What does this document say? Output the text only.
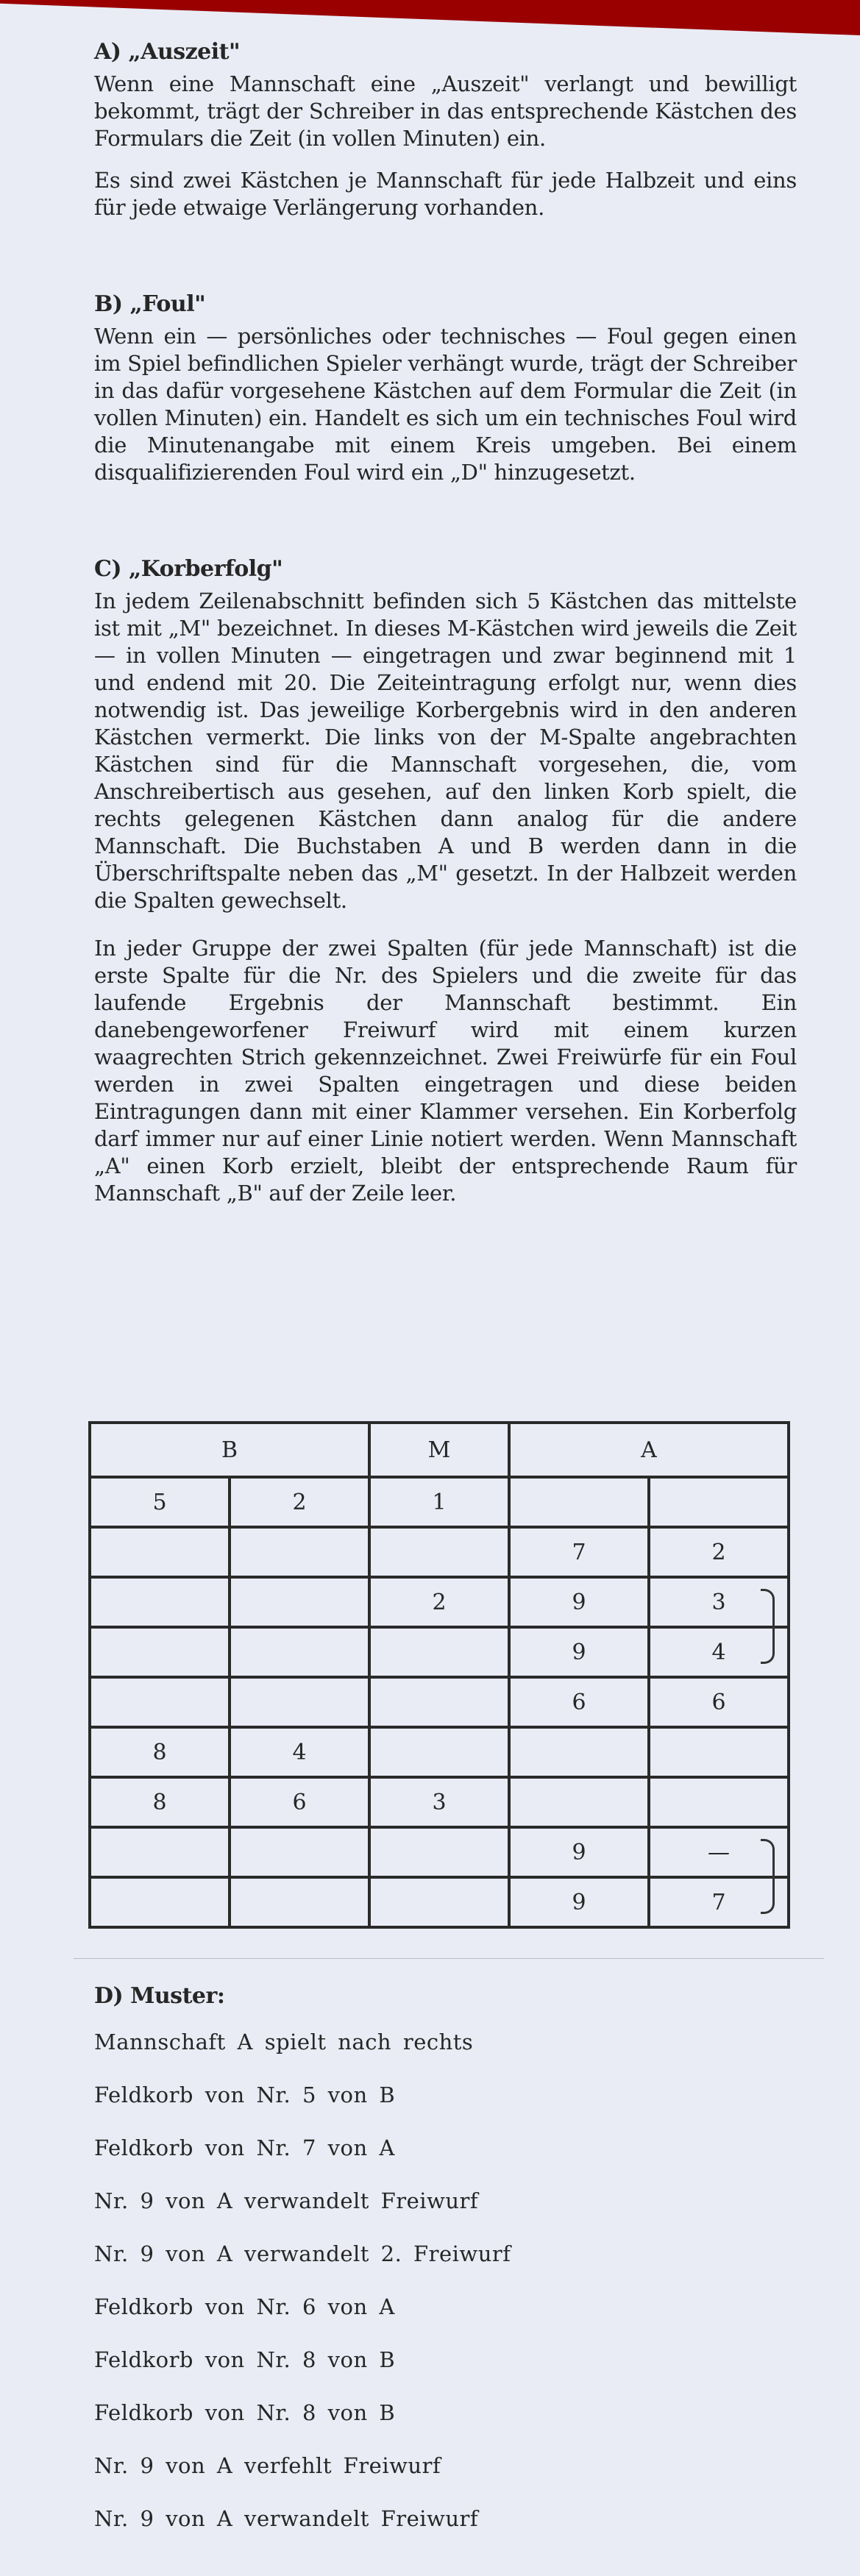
A) „Auszeit"

Wenn eine Mannschaft eine „Auszeit" verlangt und bewilligt bekommt, trägt der Schreiber in das entsprechende Kästchen des Formulars die Zeit (in vollen Minuten) ein.

Es sind zwei Kästchen je Mannschaft für jede Halbzeit und eins für jede etwaige Verlängerung vorhanden.

B) „Foul"

Wenn ein — persönliches oder technisches — Foul gegen einen im Spiel befindlichen Spieler verhängt wurde, trägt der Schreiber in das dafür vorgesehene Kästchen auf dem Formular die Zeit (in vollen Minuten) ein. Handelt es sich um ein technisches Foul wird die Minutenangabe mit einem Kreis umgeben. Bei einem disqualifizierenden Foul wird ein „D" hinzugesetzt.

C) „Korberfolg"

In jedem Zeilenabschnitt befinden sich 5 Kästchen das mittelste ist mit „M" bezeichnet. In dieses M-Kästchen wird jeweils die Zeit — in vollen Minuten — eingetragen und zwar beginnend mit 1 und endend mit 20. Die Zeiteintragung erfolgt nur, wenn dies notwendig ist. Das jeweilige Korbergebnis wird in den anderen Kästchen vermerkt. Die links von der M-Spalte angebrachten Kästchen sind für die Mannschaft vorgesehen, die, vom Anschreibertisch aus gesehen, auf den linken Korb spielt, die rechts gelegenen Kästchen dann analog für die andere Mannschaft. Die Buchstaben A und B werden dann in die Überschriftspalte neben das „M" gesetzt. In der Halbzeit werden die Spalten gewechselt.

In jeder Gruppe der zwei Spalten (für jede Mannschaft) ist die erste Spalte für die Nr. des Spielers und die zweite für das laufende Ergebnis der Mannschaft bestimmt. Ein danebengeworfener Freiwurf wird mit einem kurzen waagrechten Strich gekennzeichnet. Zwei Freiwürfe für ein Foul werden in zwei Spalten eingetragen und diese beiden Eintragungen dann mit einer Klammer versehen. Ein Korberfolg darf immer nur auf einer Linie notiert werden. Wenn Mannschaft „A" einen Korb erzielt, bleibt der entsprechende Raum für Mannschaft „B" auf der Zeile leer.

B		M	A	
5	2	1		
			7	2
		2	9	3
			9	4
			6	6
8	4			
8	6	3		
			9	—
			9	7
D) Muster:
Mannschaft A spielt nach rechts
Feldkorb von Nr. 5 von B
Feldkorb von Nr. 7 von A
Nr. 9 von A verwandelt Freiwurf
Nr. 9 von A verwandelt 2. Freiwurf
Feldkorb von Nr. 6 von A
Feldkorb von Nr. 8 von B
Feldkorb von Nr. 8 von B
Nr. 9 von A verfehlt Freiwurf
Nr. 9 von A verwandelt Freiwurf
